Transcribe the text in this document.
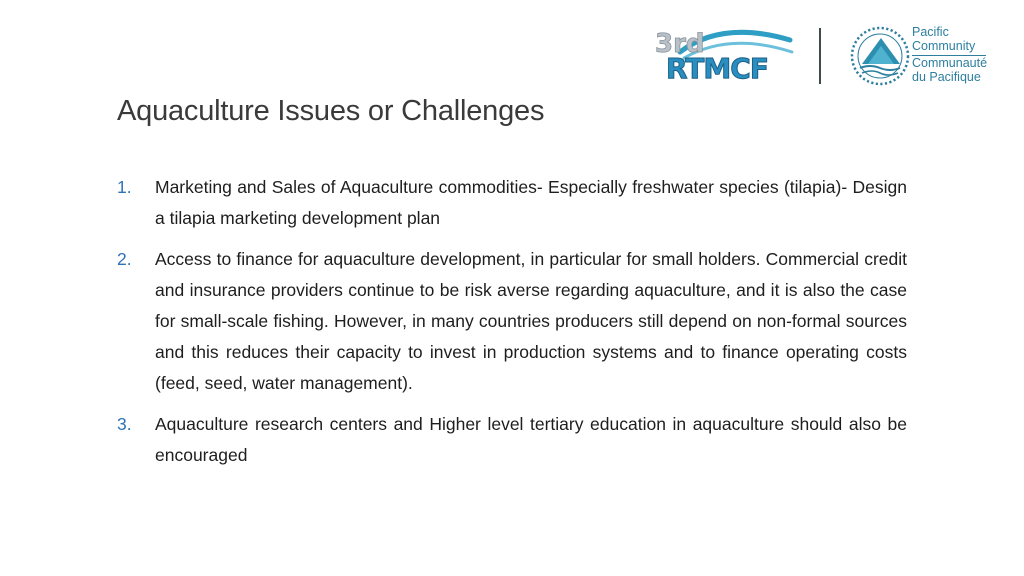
3rd
RTMCF
Pacific
Community
Communauté
du Pacifique
Aquaculture Issues or Challenges
1. Marketing and Sales of Aquaculture commodities- Especially freshwater species (tilapia)- Design a tilapia marketing development plan
2. Access to finance for aquaculture development, in particular for small holders. Commercial credit and insurance providers continue to be risk averse regarding aquaculture, and it is also the case for small-scale fishing. However, in many countries producers still depend on non-formal sources and this reduces their capacity to invest in production systems and to finance operating costs (feed, seed, water management).
3. Aquaculture research centers and Higher level tertiary education in aquaculture should also be encouraged
